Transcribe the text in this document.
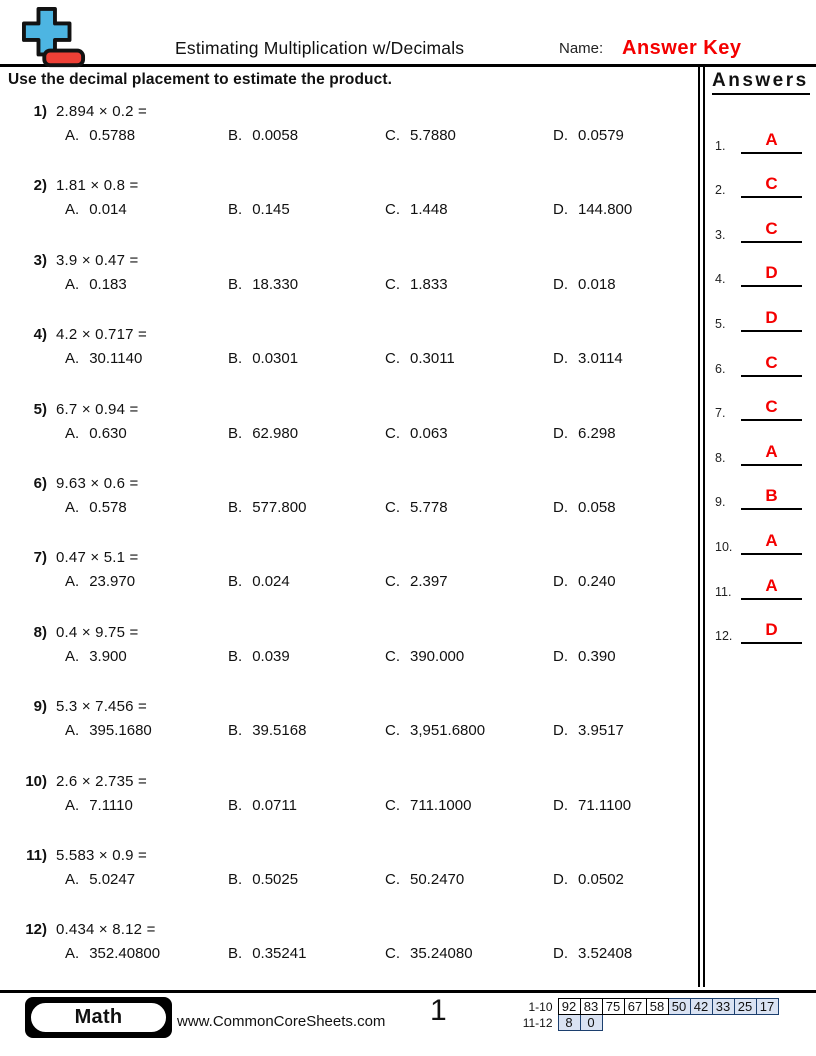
Estimating Multiplication w/Decimals	Name: Answer Key
Use the decimal placement to estimate the product.
1) 2.894 × 0.2 =
A. 0.5788	B. 0.0058	C. 5.7880	D. 0.0579
2) 1.81 × 0.8 =
A. 0.014	B. 0.145	C. 1.448	D. 144.800
3) 3.9 × 0.47 =
A. 0.183	B. 18.330	C. 1.833	D. 0.018
4) 4.2 × 0.717 =
A. 30.1140	B. 0.0301	C. 0.3011	D. 3.0114
5) 6.7 × 0.94 =
A. 0.630	B. 62.980	C. 0.063	D. 6.298
6) 9.63 × 0.6 =
A. 0.578	B. 577.800	C. 5.778	D. 0.058
7) 0.47 × 5.1 =
A. 23.970	B. 0.024	C. 2.397	D. 0.240
8) 0.4 × 9.75 =
A. 3.900	B. 0.039	C. 390.000	D. 0.390
9) 5.3 × 7.456 =
A. 395.1680	B. 39.5168	C. 3,951.6800	D. 3.9517
10) 2.6 × 2.735 =
A. 7.1110	B. 0.0711	C. 711.1000	D. 71.1100
11) 5.583 × 0.9 =
A. 5.0247	B. 0.5025	C. 50.2470	D. 0.0502
12) 0.434 × 8.12 =
A. 352.40800	B. 0.35241	C. 35.24080	D. 3.52408
Answers
1.	A
2.	C
3.	C
4.	D
5.	D
6.	C
7.	C
8.	A
9.	B
10.	A
11.	A
12.	D
Math	www.CommonCoreSheets.com 1	1-10	92	83	75	67	58	50	42	33	25	17
11-12	8	0								
